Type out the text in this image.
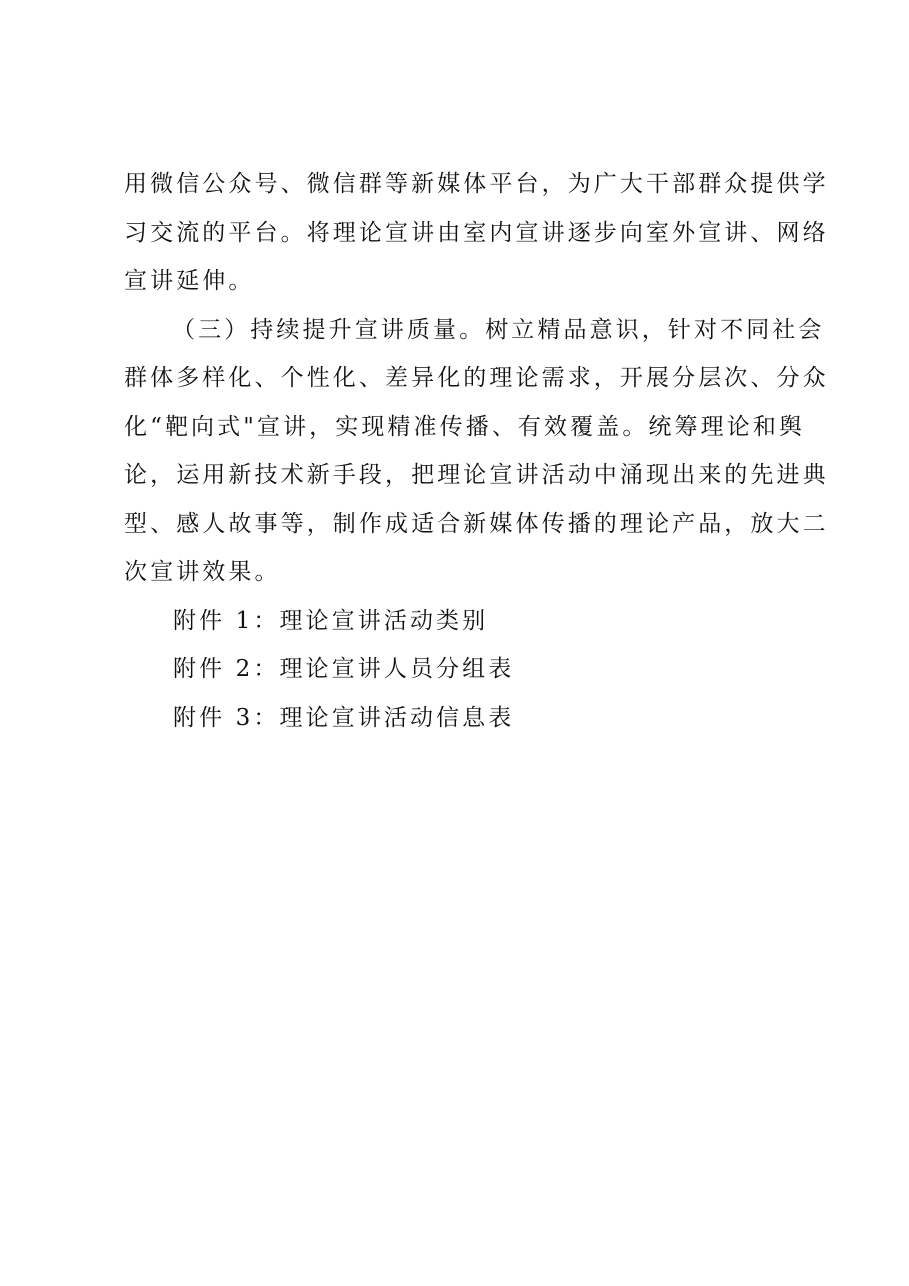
用微信公众号、微信群等新媒体平台，为广大干部群众提供学
习交流的平台。将理论宣讲由室内宣讲逐步向室外宣讲、网络
宣讲延伸。

（三）持续提升宣讲质量。树立精品意识，针对不同社会
群体多样化、个性化、差异化的理论需求，开展分层次、分众
化“靶向式"宣讲，实现精准传播、有效覆盖。统筹理论和舆
论，运用新技术新手段，把理论宣讲活动中涌现出来的先进典
型、感人故事等，制作成适合新媒体传播的理论产品，放大二
次宣讲效果。

附件 1：理论宣讲活动类别

附件 2：理论宣讲人员分组表

附件 3：理论宣讲活动信息表
